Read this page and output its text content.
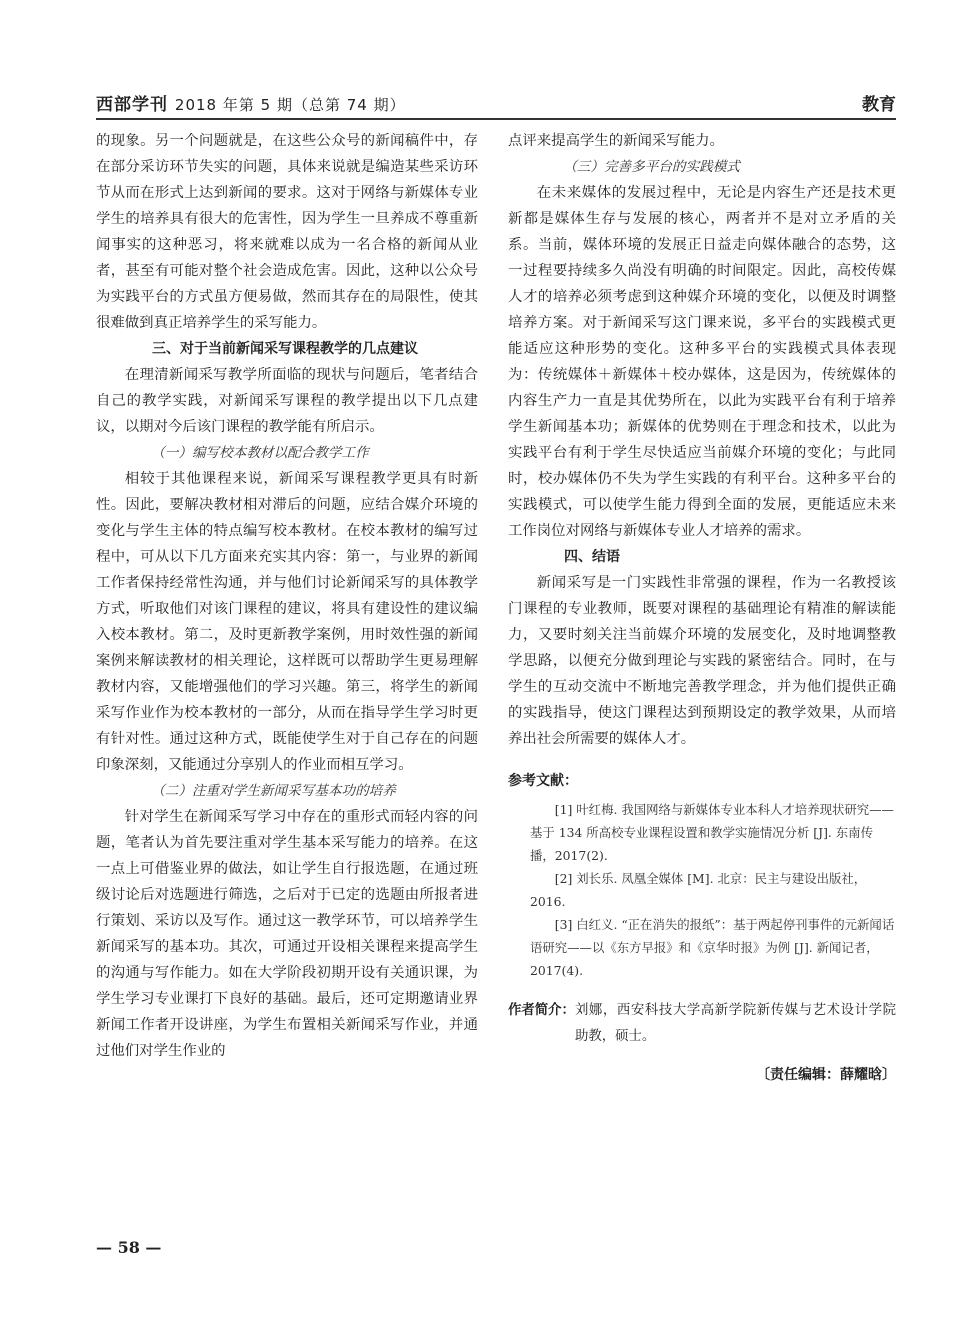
西部学刊 2018 年第 5 期（总第 74 期）	教育

的现象。另一个问题就是，在这些公众号的新闻稿件中，存在部分采访环节失实的问题，具体来说就是编造某些采访环节从而在形式上达到新闻的要求。这对于网络与新媒体专业学生的培养具有很大的危害性，因为学生一旦养成不尊重新闻事实的这种恶习，将来就难以成为一名合格的新闻从业者，甚至有可能对整个社会造成危害。因此，这种以公众号为实践平台的方式虽方便易做，然而其存在的局限性，使其很难做到真正培养学生的采写能力。

三、对于当前新闻采写课程教学的几点建议

在理清新闻采写教学所面临的现状与问题后，笔者结合自己的教学实践，对新闻采写课程的教学提出以下几点建议，以期对今后该门课程的教学能有所启示。

（一）编写校本教材以配合教学工作

相较于其他课程来说，新闻采写课程教学更具有时新性。因此，要解决教材相对滞后的问题，应结合媒介环境的变化与学生主体的特点编写校本教材。在校本教材的编写过程中，可从以下几方面来充实其内容：第一，与业界的新闻工作者保持经常性沟通，并与他们讨论新闻采写的具体教学方式，听取他们对该门课程的建议，将具有建设性的建议编入校本教材。第二，及时更新教学案例，用时效性强的新闻案例来解读教材的相关理论，这样既可以帮助学生更易理解教材内容，又能增强他们的学习兴趣。第三，将学生的新闻采写作业作为校本教材的一部分，从而在指导学生学习时更有针对性。通过这种方式，既能使学生对于自己存在的问题印象深刻，又能通过分享别人的作业而相互学习。

（二）注重对学生新闻采写基本功的培养

针对学生在新闻采写学习中存在的重形式而轻内容的问题，笔者认为首先要注重对学生基本采写能力的培养。在这一点上可借鉴业界的做法，如让学生自行报选题，在通过班级讨论后对选题进行筛选，之后对于已定的选题由所报者进行策划、采访以及写作。通过这一教学环节，可以培养学生新闻采写的基本功。其次，可通过开设相关课程来提高学生的沟通与写作能力。如在大学阶段初期开设有关通识课，为学生学习专业课打下良好的基础。最后，还可定期邀请业界新闻工作者开设讲座，为学生布置相关新闻采写作业，并通过他们对学生作业的

点评来提高学生的新闻采写能力。

（三）完善多平台的实践模式

在未来媒体的发展过程中，无论是内容生产还是技术更新都是媒体生存与发展的核心，两者并不是对立矛盾的关系。当前，媒体环境的发展正日益走向媒体融合的态势，这一过程要持续多久尚没有明确的时间限定。因此，高校传媒人才的培养必须考虑到这种媒介环境的变化，以便及时调整培养方案。对于新闻采写这门课来说，多平台的实践模式更能适应这种形势的变化。这种多平台的实践模式具体表现为：传统媒体＋新媒体＋校办媒体，这是因为，传统媒体的内容生产力一直是其优势所在，以此为实践平台有利于培养学生新闻基本功；新媒体的优势则在于理念和技术，以此为实践平台有利于学生尽快适应当前媒介环境的变化；与此同时，校办媒体仍不失为学生实践的有利平台。这种多平台的实践模式，可以使学生能力得到全面的发展，更能适应未来工作岗位对网络与新媒体专业人才培养的需求。

四、结语

新闻采写是一门实践性非常强的课程，作为一名教授该门课程的专业教师，既要对课程的基础理论有精准的解读能力，又要时刻关注当前媒介环境的发展变化，及时地调整教学思路，以便充分做到理论与实践的紧密结合。同时，在与学生的互动交流中不断地完善教学理念，并为他们提供正确的实践指导，使这门课程达到预期设定的教学效果，从而培养出社会所需要的媒体人才。

参考文献：

[1] 叶红梅. 我国网络与新媒体专业本科人才培养现状研究——基于 134 所高校专业课程设置和教学实施情况分析 [J]. 东南传播，2017(2).

[2] 刘长乐. 凤凰全媒体 [M]. 北京：民主与建设出版社，2016.

[3] 白红义. “正在消失的报纸”：基于两起停刊事件的元新闻话语研究——以《东方早报》和《京华时报》为例 [J]. 新闻记者，2017(4).

作者简介： 刘娜，西安科技大学高新学院新传媒与艺术设计学院助教，硕士。
〔责任编辑：薛耀晗〕
— 58 —
